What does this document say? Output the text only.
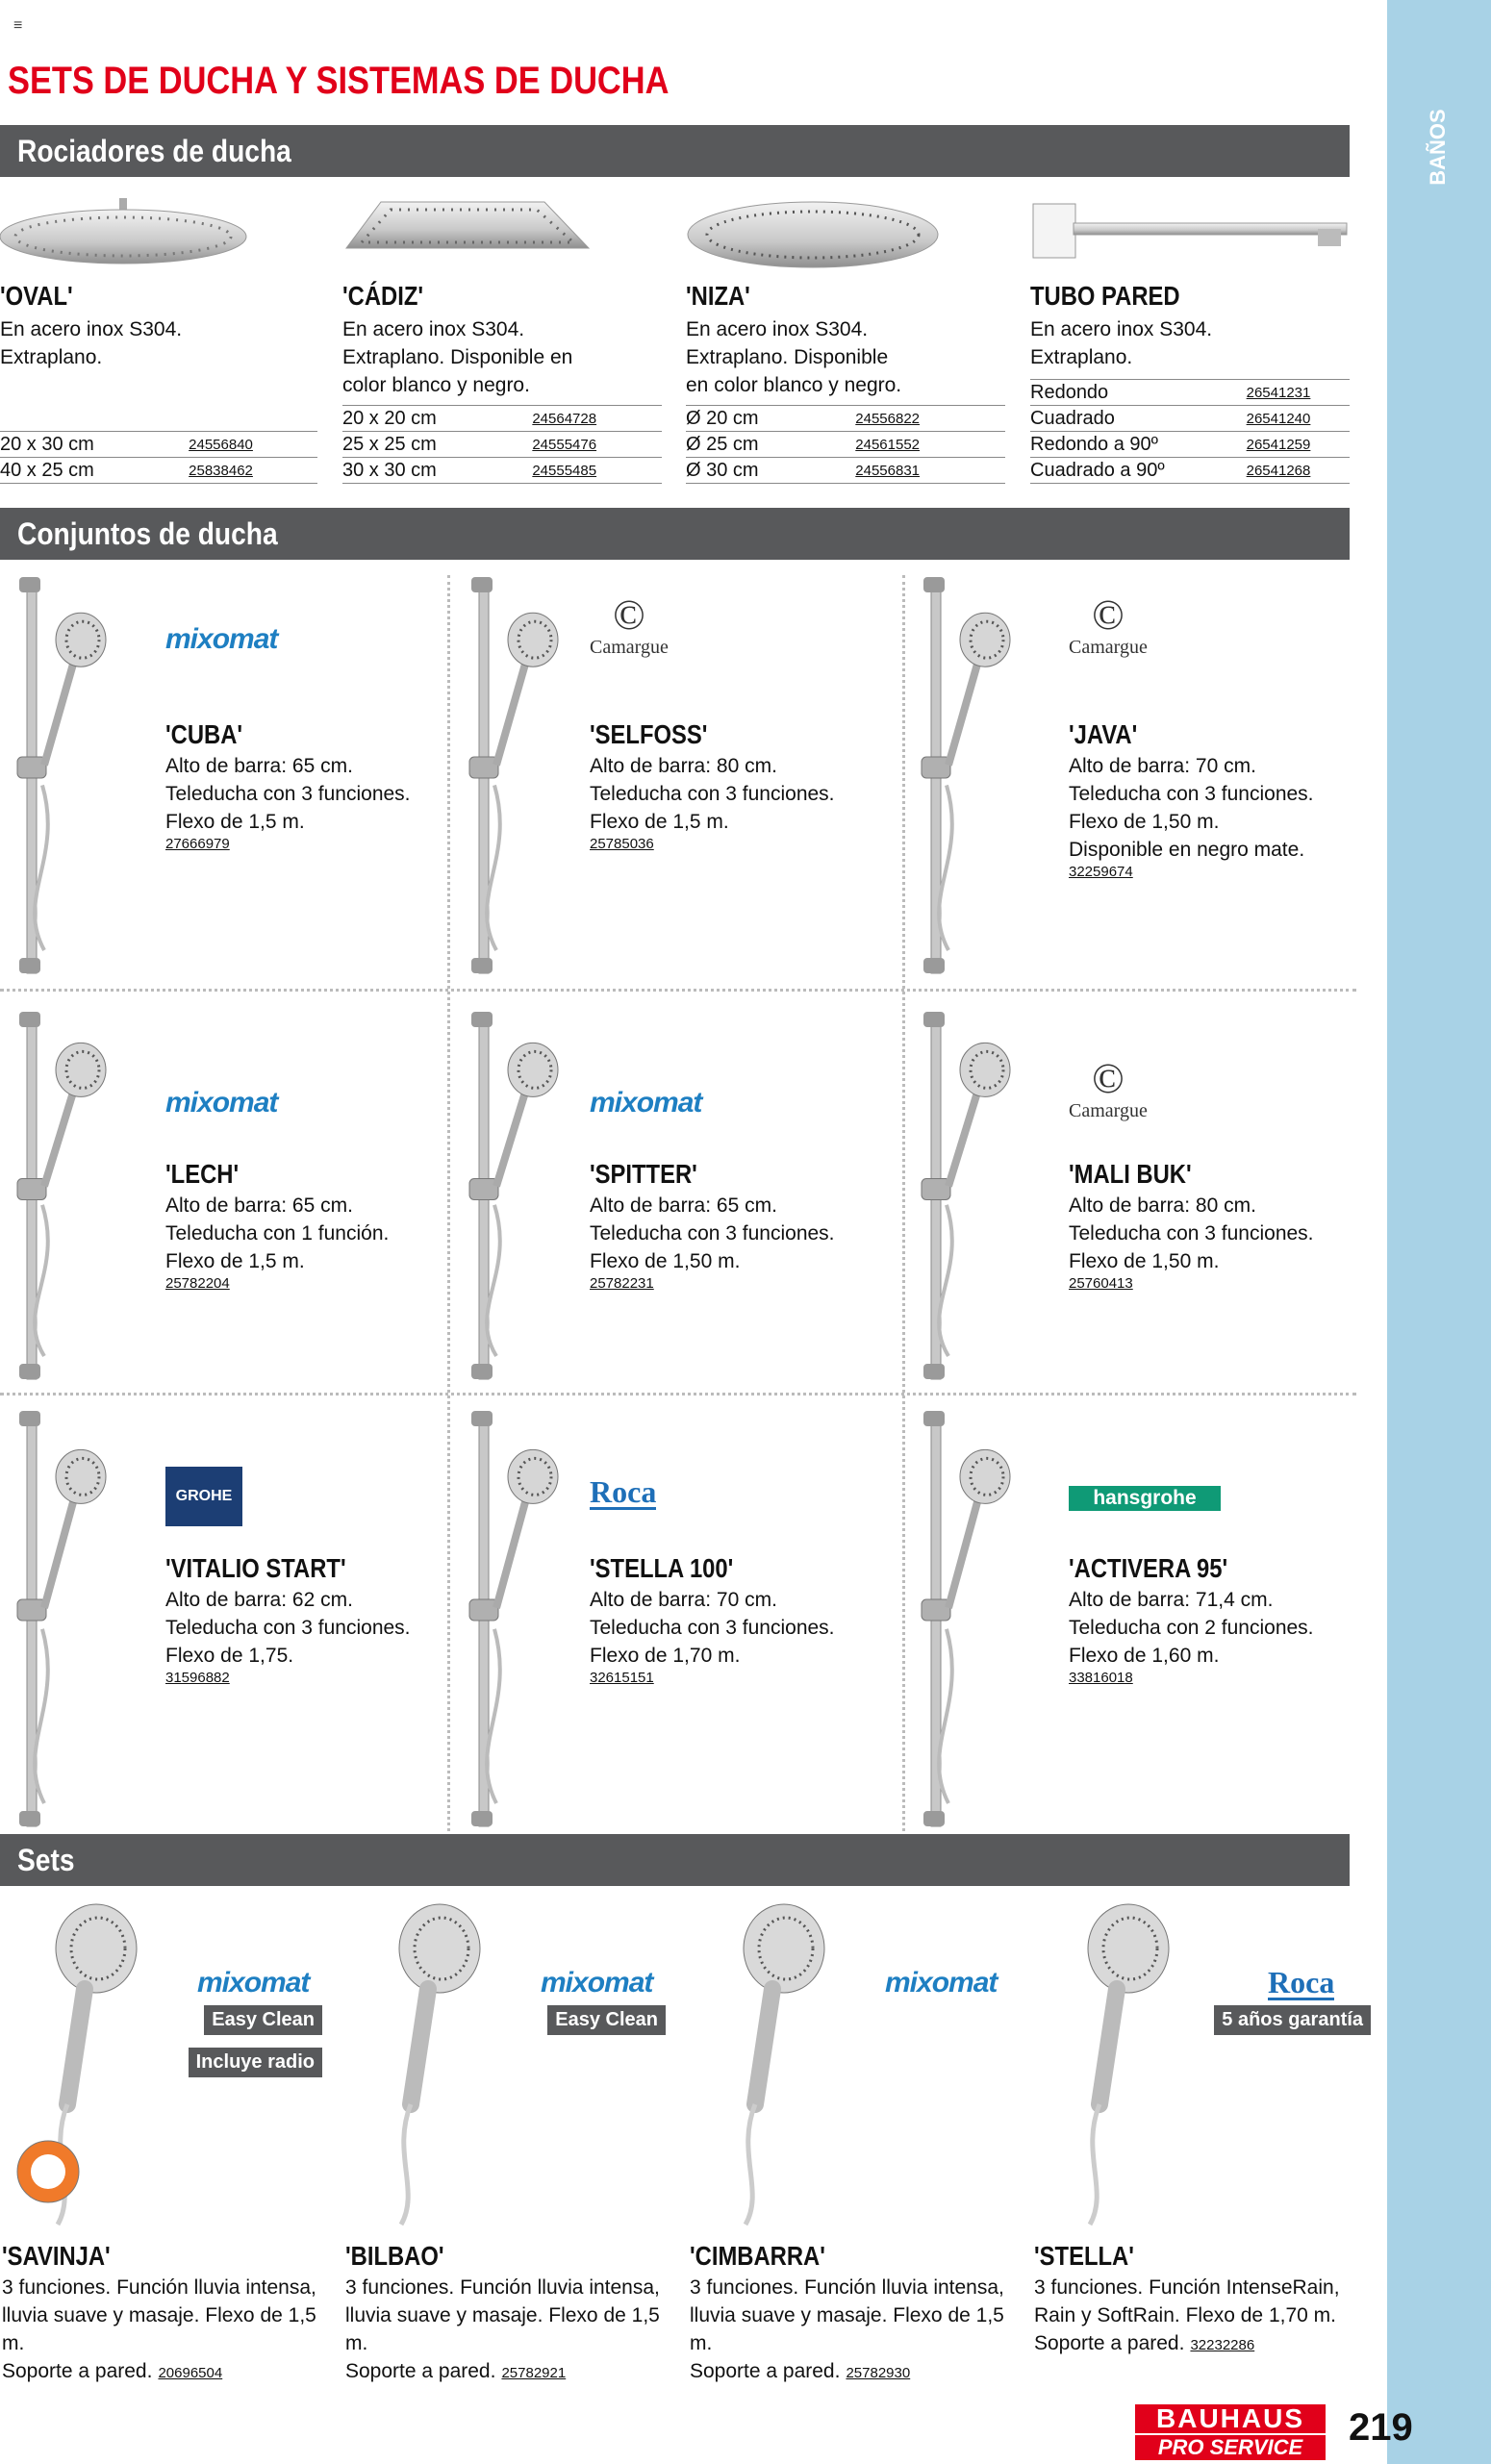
≡
SETS DE DUCHA Y SISTEMAS DE DUCHA
BAÑOS
Rociadores de ducha
'OVAL'
En acero inox S304.
Extraplano.
20 x 30 cm	24556840
40 x 25 cm	25838462
'CÁDIZ'
En acero inox S304.
Extraplano. Disponible en
color blanco y negro.
20 x 20 cm	24564728
25 x 25 cm	24555476
30 x 30 cm	24555485
'NIZA'
En acero inox S304.
Extraplano. Disponible
en color blanco y negro.
Ø 20 cm	24556822
Ø 25 cm	24561552
Ø 30 cm	24556831
TUBO PARED
En acero inox S304.
Extraplano.
Redondo	26541231
Cuadrado	26541240
Redondo a 90º	26541259
Cuadrado a 90º	26541268
Conjuntos de ducha
mixomat
'CUBA'
Alto de barra: 65 cm.
Teleducha con 3 funciones.
Flexo de 1,5 m.
27666979
©
Camargue
'SELFOSS'
Alto de barra: 80 cm.
Teleducha con 3 funciones.
Flexo de 1,5 m.
25785036
©
Camargue
'JAVA'
Alto de barra: 70 cm.
Teleducha con 3 funciones.
Flexo de 1,50 m.
Disponible en negro mate.
32259674
mixomat
'LECH'
Alto de barra: 65 cm.
Teleducha con 1 función.
Flexo de 1,5 m.
25782204
mixomat
'SPITTER'
Alto de barra: 65 cm.
Teleducha con 3 funciones.
Flexo de 1,50 m.
25782231
©
Camargue
'MALI BUK'
Alto de barra: 80 cm.
Teleducha con 3 funciones.
Flexo de 1,50 m.
25760413
GROHE
'VITALIO START'
Alto de barra: 62 cm.
Teleducha con 3 funciones.
Flexo de 1,75.
31596882
Roca
'STELLA 100'
Alto de barra: 70 cm.
Teleducha con 3 funciones.
Flexo de 1,70 m.
32615151
hansgrohe
'ACTIVERA 95'
Alto de barra: 71,4 cm.
Teleducha con 2 funciones.
Flexo de 1,60 m.
33816018
Sets
mixomat
Easy Clean
Incluye radio
'SAVINJA'
3 funciones. Función lluvia intensa,
lluvia suave y masaje. Flexo de 1,5 m.
Soporte a pared. 20696504
mixomat
Easy Clean
'BILBAO'
3 funciones. Función lluvia intensa,
lluvia suave y masaje. Flexo de 1,5 m.
Soporte a pared. 25782921
mixomat
'CIMBARRA'
3 funciones. Función lluvia intensa,
lluvia suave y masaje. Flexo de 1,5 m.
Soporte a pared. 25782930
Roca
5 años garantía
'STELLA'
3 funciones. Función IntenseRain,
Rain y SoftRain. Flexo de 1,70 m.
Soporte a pared. 32232286
BAUHAUS
PRO SERVICE	219
